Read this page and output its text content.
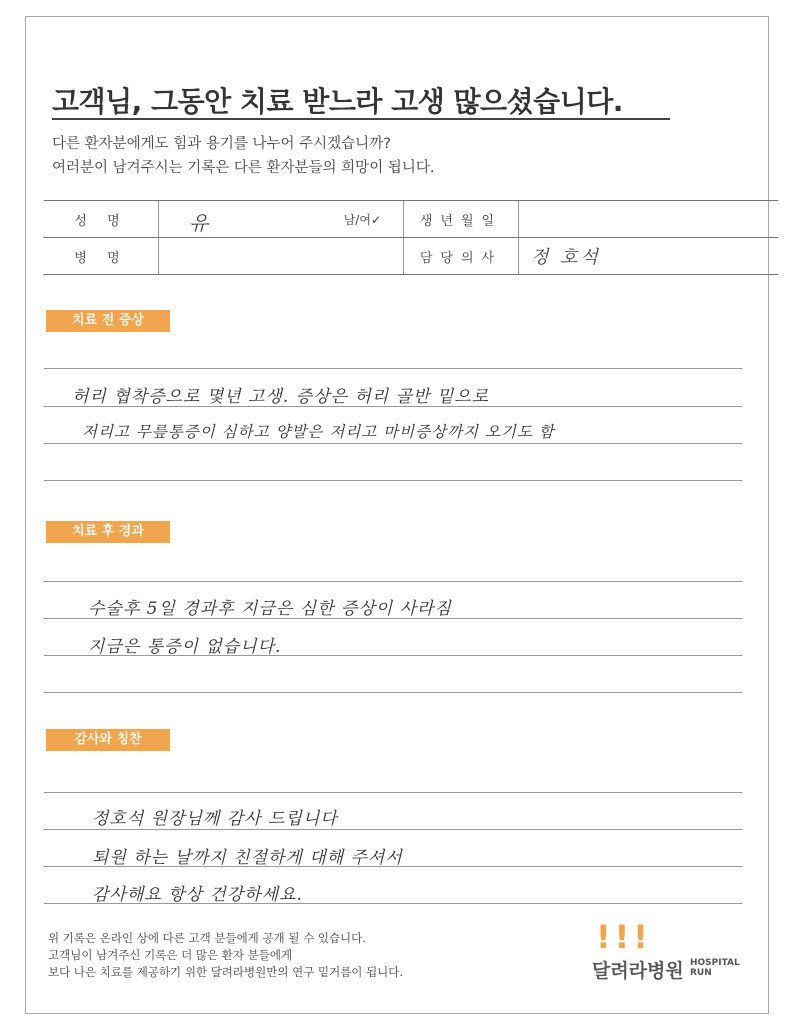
고객님, 그동안 치료 받느라 고생 많으셨습니다.
다른 환자분에게도 힘과 용기를 나누어 주시겠습니까?
여러분이 남겨주시는 기록은 다른 환자분들의 희망이 됩니다.
성 명	유 남/여✓	생년월일	
병 명		담당의사	정 호석
치료 전 증상
허리 협착증으로 몇년 고생. 증상은 허리 골반 밑으로
저리고 무릎통증이 심하고 양발은 저리고 마비증상까지 오기도 함
치료 후 경과
수술후 5일 경과후 지금은 심한 증상이 사라짐
지금은 통증이 없습니다.
감사와 칭찬
정호석 원장님께 감사 드립니다
퇴원 하는 날까지 친절하게 대해 주셔서
감사해요 항상 건강하세요.
위 기록은 온라인 상에 다른 고객 분들에게 공개 될 수 있습니다.
고객님이 남겨주신 기록은 더 많은 환자 분들에게
보다 나은 치료를 제공하기 위한 달려라병원만의 연구 밑거름이 됩니다.
!!!
달려라병원 HOSPITAL
RUN
